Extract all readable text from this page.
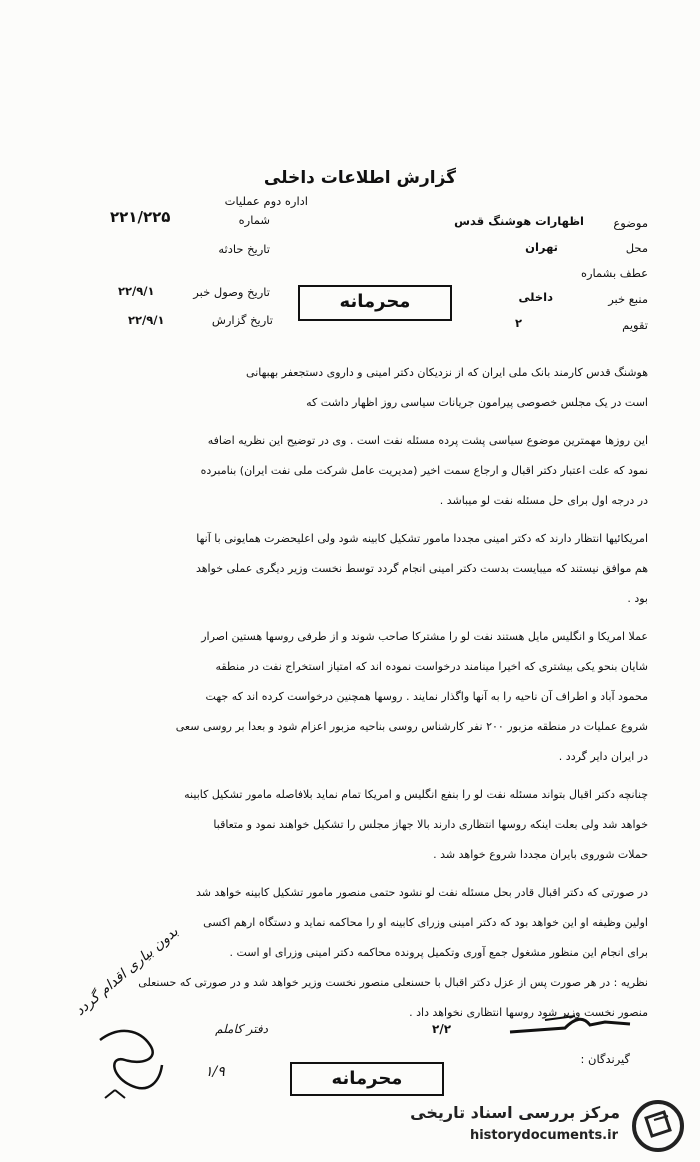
گزارش اطلاعات داخلی
اداره دوم عملیات
شماره
۲۲۱/۲۲۵
تاریخ حادثه
تاریخ وصول خبر
۲۲/۹/۱
تاریخ گزارش
۲۲/۹/۱
موضوع
اظهارات هوشنگ قدس
محل
تهران
عطف بشماره
منبع خبر
داخلی
تقویم
۲
محرمانه

هوشنگ قدس کارمند بانک ملی ایران که از نزدیکان دکتر امینی و داروی دستجعفر بهبهانی

است در یک مجلس خصوصی پیرامون جریانات سیاسی روز اظهار داشت که

این روزها مهمترین موضوع سیاسی پشت پرده مسئله نفت است . وی در توضیح این نظریه اضافه

نمود که علت اعتبار دکتر اقبال و ارجاع سمت اخیر (مدیریت عامل شرکت ملی نفت ایران) بنامبرده

در درجه اول برای حل مسئله نفت لو میباشد .

امریکائیها انتظار دارند که دکتر امینی مجددا مامور تشکیل کابینه شود ولی اعلیحضرت همایونی با آنها

هم موافق نیستند که میبایست بدست دکتر امینی انجام گردد توسط نخست وزیر دیگری عملی خواهد

بود .

عملا امریکا و انگلیس مایل هستند نفت لو را مشترکا صاحب شوند و از طرفی روسها هستین اصرار

شایان بنحو یکی بیشتری که اخیرا مینامند درخواست نموده اند که امتیاز استخراج نفت در منطقه

محمود آباد و اطراف آن ناحیه را به آنها واگذار نمایند . روسها همچنین درخواست کرده اند که جهت

شروع عملیات در منطقه مزبور ۲۰۰ نفر کارشناس روسی بناحیه مزبور اعزام شود و بعدا بر روسی سعی

در ایران دایر گردد .

چنانچه دکتر اقبال بتواند مسئله نفت لو را بنفع انگلیس و امریکا تمام نماید بلافاصله مامور تشکیل کابینه

خواهد شد ولی بعلت اینکه روسها انتظاری دارند بالا جهاز مجلس را تشکیل خواهند نمود و متعاقبا

حملات شوروی بایران مجددا شروع خواهد شد .

در صورتی که دکتر اقبال قادر بحل مسئله نفت لو نشود حتمی منصور مامور تشکیل کابینه خواهد شد

اولین وظیفه او این خواهد بود که دکتر امینی وزرای کابینه او را محاکمه نماید و دستگاه ارهم اکسی

برای انجام این منظور مشغول جمع آوری وتکمیل پرونده محاکمه دکتر امینی وزرای او است .

نظریه : در هر صورت پس از عزل دکتر اقبال با حسنعلی منصور نخست وزیر خواهد شد و در صورتی که حسنعلی

منصور نخست وزیر شود روسها انتظاری نخواهد داد .

بدون بیاری اقدام گردد
دفتر کاملم	۲/۲
گیرندگان :
۱/۹	محرمانه
مرکز بررسی اسناد تاریخی
historydocuments.ir
